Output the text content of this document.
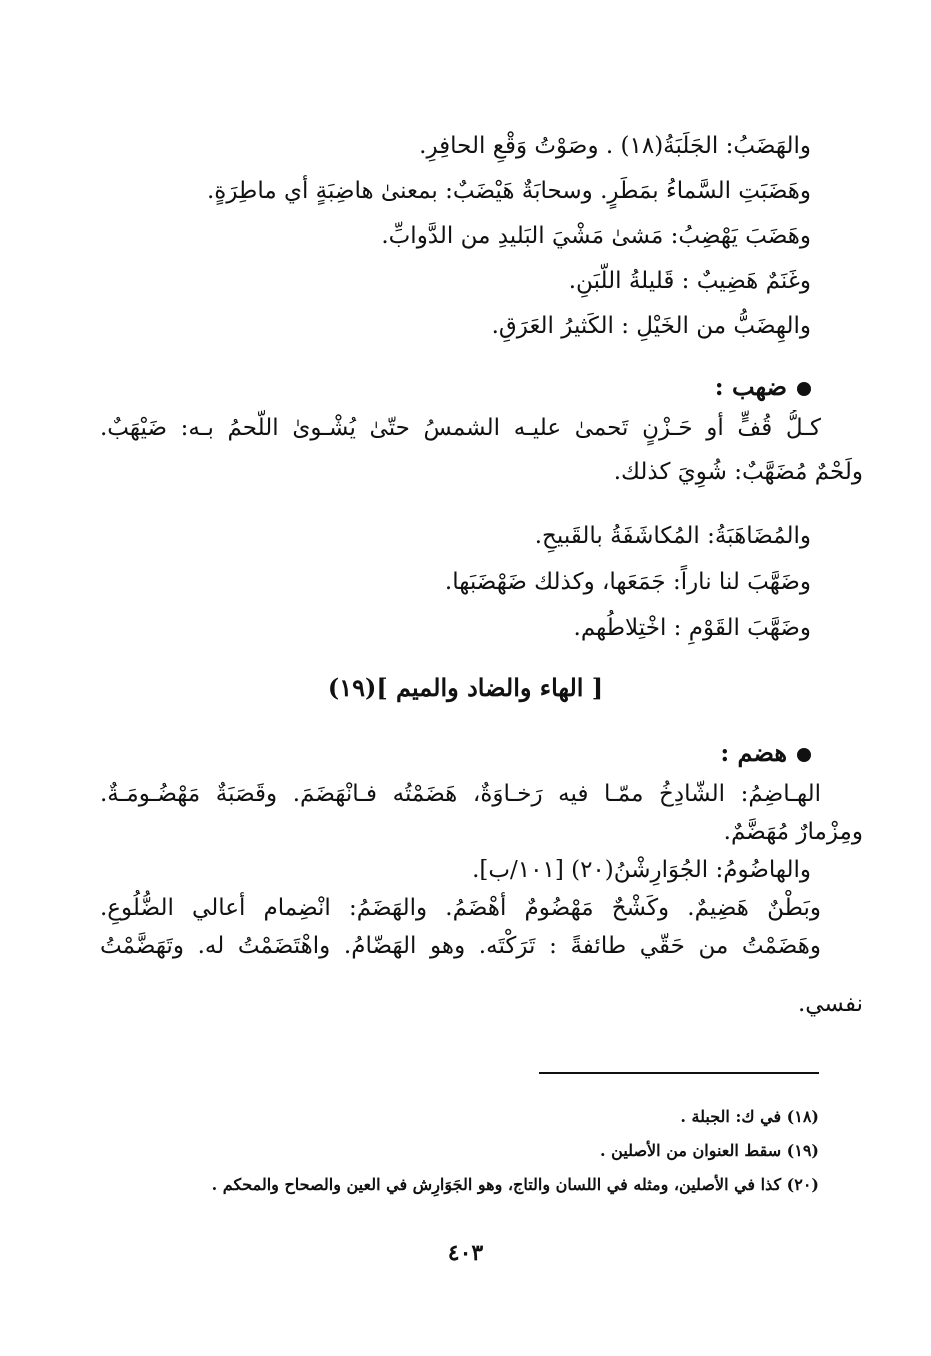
والهَضَبُ: الجَلَبَةُ(١٨) . وصَوْتُ وَقْعِ الحافِرِ.
وهَضَبَتِ السَّماءُ بمَطَرٍ. وسحابَةٌ هَيْضَبٌ: بمعنىٰ هاضِبَةٍ أي ماطِرَةٍ.
وهَضَبَ يَهْضِبُ: مَشىٰ مَشْيَ البَليدِ من الدَّوابِّ.
وغَنَمٌ هَضِيبٌ : قَليلةُ اللَّبَنِ.
والهِضَبُّ من الخَيْلِ : الكَثيرُ العَرَقِ.
ضهب :
كـلُّ قُفٍّ أو حَـزْنٍ تَحمىٰ عليـه الشمسُ حتّىٰ يُشْـوىٰ اللَّحمُ بـه: ضَيْهَبٌ.
ولَحْمٌ مُضَهَّبٌ: شُوِيَ كذلك.
والمُضَاهَبَةُ: المُكاشَفَةُ بالقَبيحِ.
وضَهَّبَ لنا ناراً: جَمَعَها، وكذلك ضَهْضَبَها.
وضَهَّبَ القَوْمِ : اخْتِلاطُهم.
[ الهاء والضاد والميم ](١٩)
هضم :
الهـاضِمُ: الشّادِخُ ممّـا فيه رَخـاوَةٌ، هَضَمْتُه فـانْهَضَمَ. وقَصَبَةٌ مَهْضُـومَـةٌ.
ومِزْمارٌ مُهَضَّمٌ.
والهاضُومُ: الجُوَارِشْنُ(٢٠) [١٠١/ب].
وبَطْنٌ هَضِيمٌ. وكَشْحٌ مَهْضُومٌ أهْضَمُ. والهَضَمُ: انْضِمام أعالي الضُّلُوعِ.
وهَضَمْتُ من حَقّي طائفةً : تَرَكْتَه. وهو الهَضّامُ. واهْتَضَمْتُ له. وتَهَضَّمْتُ
نفسي.
(١٨) في ك: الجبلة .
(١٩) سقط العنوان من الأصلين .
(٢٠) كذا في الأصلين، ومثله في اللسان والتاج، وهو الجَوَارِش في العين والصحاح والمحكم .
٤٠٣
